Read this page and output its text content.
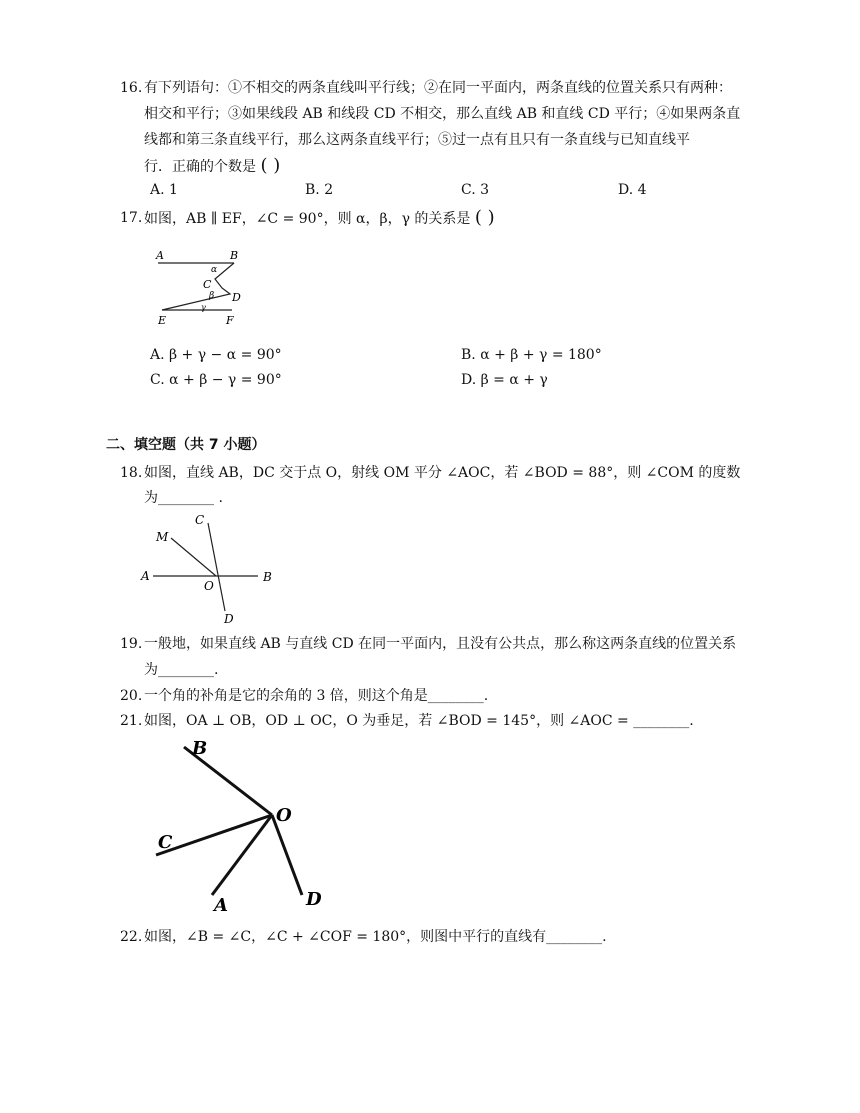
16. 有下列语句：①不相交的两条直线叫平行线；②在同一平面内，两条直线的位置关系只有两种：
相交和平行；③如果线段 AB 和线段 CD 不相交，那么直线 AB 和直线 CD 平行；④如果两条直
线都和第三条直线平行，那么这两条直线平行；⑤过一点有且只有一条直线与已知直线平
行．正确的个数是 ( )
A. 1	B. 2	C. 3	D. 4
17. 如图，AB ∥ EF，∠C = 90°，则 α，β，γ 的关系是 ( )
A	B
C
D
E	F
α
β
γ
A. β + γ − α = 90°	B. α + β + γ = 180°
C. α + β − γ = 90°	D. β = α + γ
二、填空题（共 7 小题）
18. 如图，直线 AB，DC 交于点 O，射线 OM 平分 ∠AOC，若 ∠BOD = 88°，则 ∠COM 的度数
为________ .
A	B
C
D
M
O
19. 一般地，如果直线 AB 与直线 CD 在同一平面内，且没有公共点，那么称这两条直线的位置关系
为________.
20. 一个角的补角是它的余角的 3 倍，则这个角是________.
21. 如图，OA ⊥ OB，OD ⊥ OC，O 为垂足，若 ∠BOD = 145°，则 ∠AOC = ________.
B
O
C
A	D
22. 如图，∠B = ∠C，∠C + ∠COF = 180°，则图中平行的直线有________.
